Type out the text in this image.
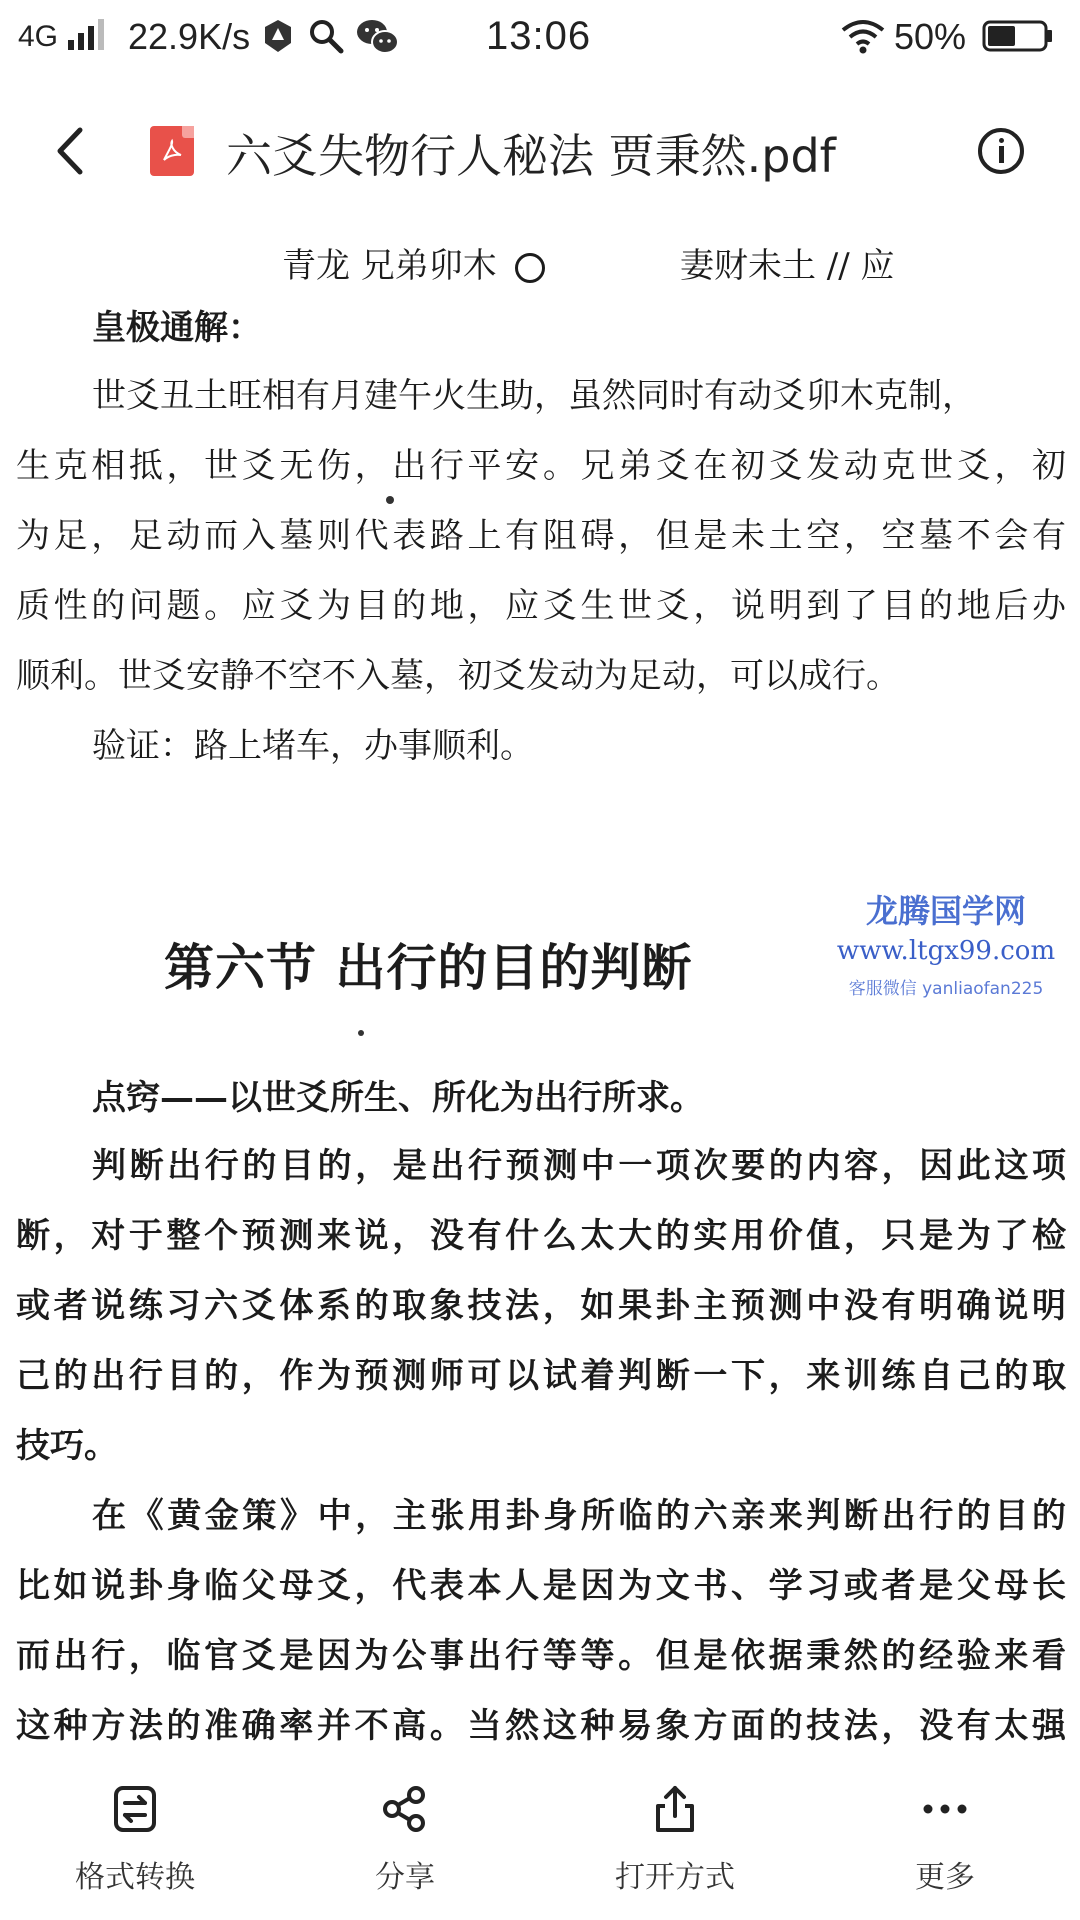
4G 22.9K/s	13:06	50%
六爻失物行人秘法 贾秉然.pdf
青龙 兄弟卯木	妻财未土 // 应
皇极通解：
世爻丑土旺相有月建午火生助，虽然同时有动爻卯木克制，
生克相抵，世爻无伤，出行平安。兄弟爻在初爻发动克世爻，初
为足，足动而入墓则代表路上有阻碍，但是未土空，空墓不会有
质性的问题。应爻为目的地，应爻生世爻，说明到了目的地后办
顺利。世爻安静不空不入墓，初爻发动为足动，可以成行。
验证：路上堵车，办事顺利。
第六节 出行的目的判断
龙腾国学网
www.ltgx99.com
客服微信 yanliaofan225
点窍——以世爻所生、所化为出行所求。
判断出行的目的，是出行预测中一项次要的内容，因此这项
断，对于整个预测来说，没有什么太大的实用价值，只是为了检
或者说练习六爻体系的取象技法，如果卦主预测中没有明确说明
己的出行目的，作为预测师可以试着判断一下，来训练自己的取
技巧。
在《黄金策》中，主张用卦身所临的六亲来判断出行的目的
比如说卦身临父母爻，代表本人是因为文书、学习或者是父母长
而出行，临官爻是因为公事出行等等。但是依据秉然的经验来看
这种方法的准确率并不高。当然这种易象方面的技法，没有太强
格式转换	分享	打开方式	更多
